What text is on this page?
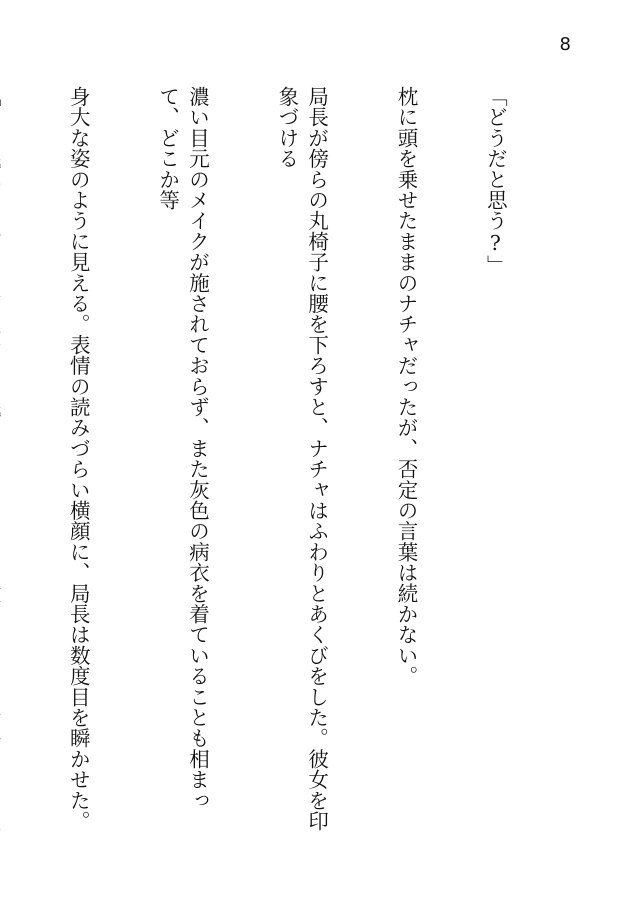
8

「どうだと思う?」

枕に頭を乗せたままのナチャだったが、否定の言葉は続かない。

局長が傍らの丸椅子に腰を下ろすと、ナチャはふわりとあくびをした。彼女を印象づける

濃い目元のメイクが施されておらず、また灰色の病衣を着ていることも相まって、どこか等

身大な姿のように見える。表情の読みづらい横顔に、局長は数度目を瞬かせた。
